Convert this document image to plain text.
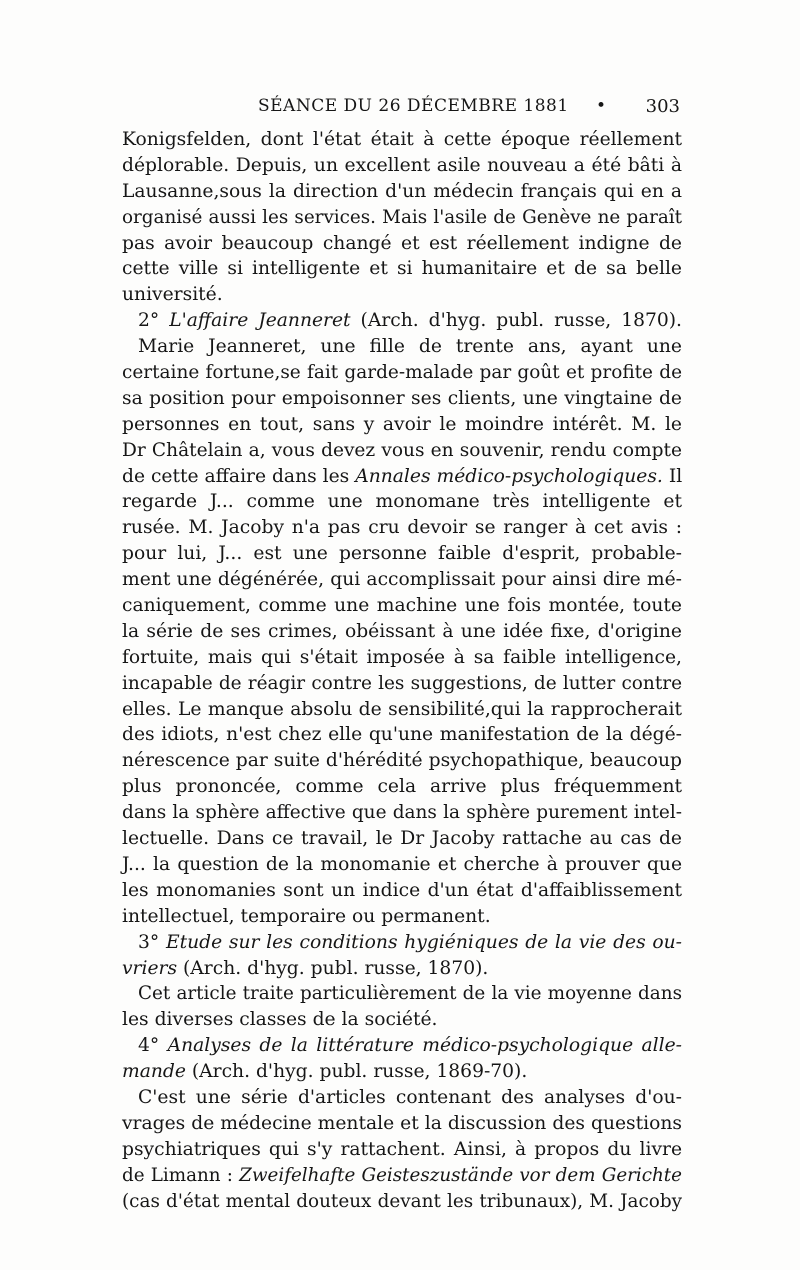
SÉANCE DU 26 DÉCEMBRE 1881 • 303
Konigsfelden, dont l'état était à cette époque réellement
déplorable. Depuis, un excellent asile nouveau a été bâti à
Lausanne,sous la direction d'un médecin français qui en a
organisé aussi les services. Mais l'asile de Genève ne paraît
pas avoir beaucoup changé et est réellement indigne de
cette ville si intelligente et si humanitaire et de sa belle
université.
2° L'affaire Jeanneret (Arch. d'hyg. publ. russe, 1870).
Marie Jeanneret, une fille de trente ans, ayant une
certaine fortune,se fait garde-malade par goût et profite de
sa position pour empoisonner ses clients, une vingtaine de
personnes en tout, sans y avoir le moindre intérêt. M. le
Dr Châtelain a, vous devez vous en souvenir, rendu compte
de cette affaire dans les Annales médico-psychologiques. Il
regarde J... comme une monomane très intelligente et
rusée. M. Jacoby n'a pas cru devoir se ranger à cet avis :
pour lui, J... est une personne faible d'esprit, probable-
ment une dégénérée, qui accomplissait pour ainsi dire mé-
caniquement, comme une machine une fois montée, toute
la série de ses crimes, obéissant à une idée fixe, d'origine
fortuite, mais qui s'était imposée à sa faible intelligence,
incapable de réagir contre les suggestions, de lutter contre
elles. Le manque absolu de sensibilité,qui la rapprocherait
des idiots, n'est chez elle qu'une manifestation de la dégé-
nérescence par suite d'hérédité psychopathique, beaucoup
plus prononcée, comme cela arrive plus fréquemment
dans la sphère affective que dans la sphère purement intel-
lectuelle. Dans ce travail, le Dr Jacoby rattache au cas de
J... la question de la monomanie et cherche à prouver que
les monomanies sont un indice d'un état d'affaiblissement
intellectuel, temporaire ou permanent.
3° Etude sur les conditions hygiéniques de la vie des ou-
vriers (Arch. d'hyg. publ. russe, 1870).
Cet article traite particulièrement de la vie moyenne dans
les diverses classes de la société.
4° Analyses de la littérature médico-psychologique alle-
mande (Arch. d'hyg. publ. russe, 1869-70).
C'est une série d'articles contenant des analyses d'ou-
vrages de médecine mentale et la discussion des questions
psychiatriques qui s'y rattachent. Ainsi, à propos du livre
de Limann : Zweifelhafte Geisteszustände vor dem Gerichte
(cas d'état mental douteux devant les tribunaux), M. Jacoby
